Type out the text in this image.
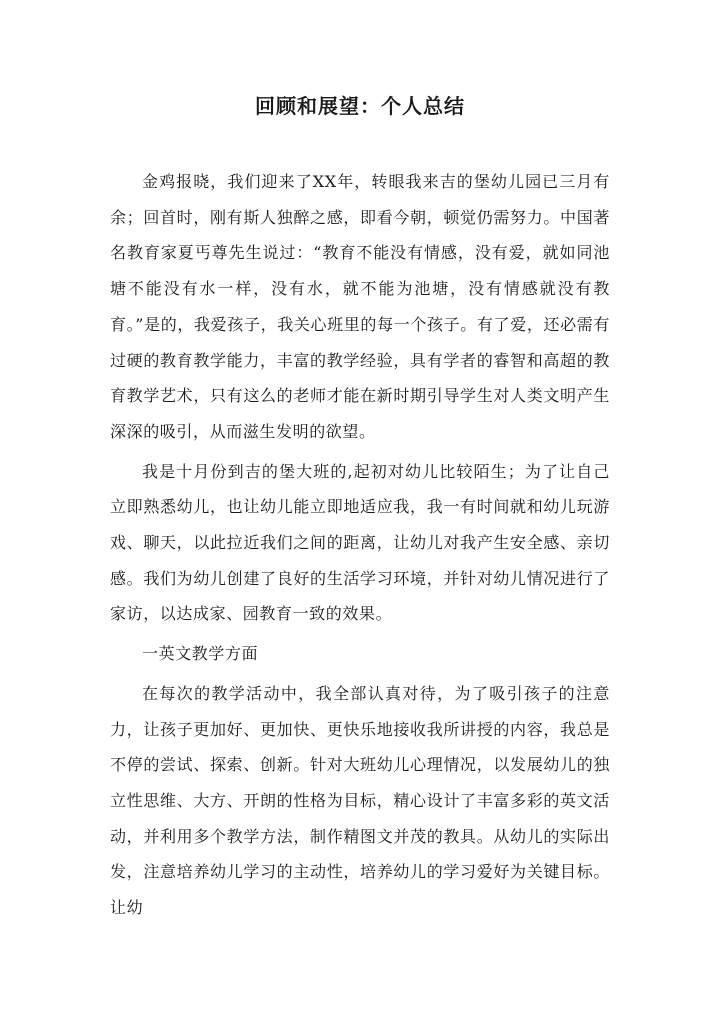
回顾和展望：个人总结

金鸡报晓，我们迎来了XX年，转眼我来吉的堡幼儿园已三月有余；回首时，刚有斯人独醉之感，即看今朝，顿觉仍需努力。中国著名教育家夏丐尊先生说过：“教育不能没有情感，没有爱，就如同池塘不能没有水一样，没有水，就不能为池塘，没有情感就没有教育。”是的，我爱孩子，我关心班里的每一个孩子。有了爱，还必需有过硬的教育教学能力，丰富的教学经验，具有学者的睿智和高超的教育教学艺术，只有这么的老师才能在新时期引导学生对人类文明产生深深的吸引，从而滋生发明的欲望。

我是十月份到吉的堡大班的,起初对幼儿比较陌生；为了让自己立即熟悉幼儿，也让幼儿能立即地适应我，我一有时间就和幼儿玩游戏、聊天，以此拉近我们之间的距离，让幼儿对我产生安全感、亲切感。我们为幼儿创建了良好的生活学习环境，并针对幼儿情况进行了家访，以达成家、园教育一致的效果。

一英文教学方面

在每次的教学活动中，我全部认真对待，为了吸引孩子的注意力，让孩子更加好、更加快、更快乐地接收我所讲授的内容，我总是不停的尝试、探索、创新。针对大班幼儿心理情况，以发展幼儿的独立性思维、大方、开朗的性格为目标，精心设计了丰富多彩的英文活动，并利用多个教学方法，制作精图文并茂的教具。从幼儿的实际出发，注意培养幼儿学习的主动性，培养幼儿的学习爱好为关键目标。让幼
